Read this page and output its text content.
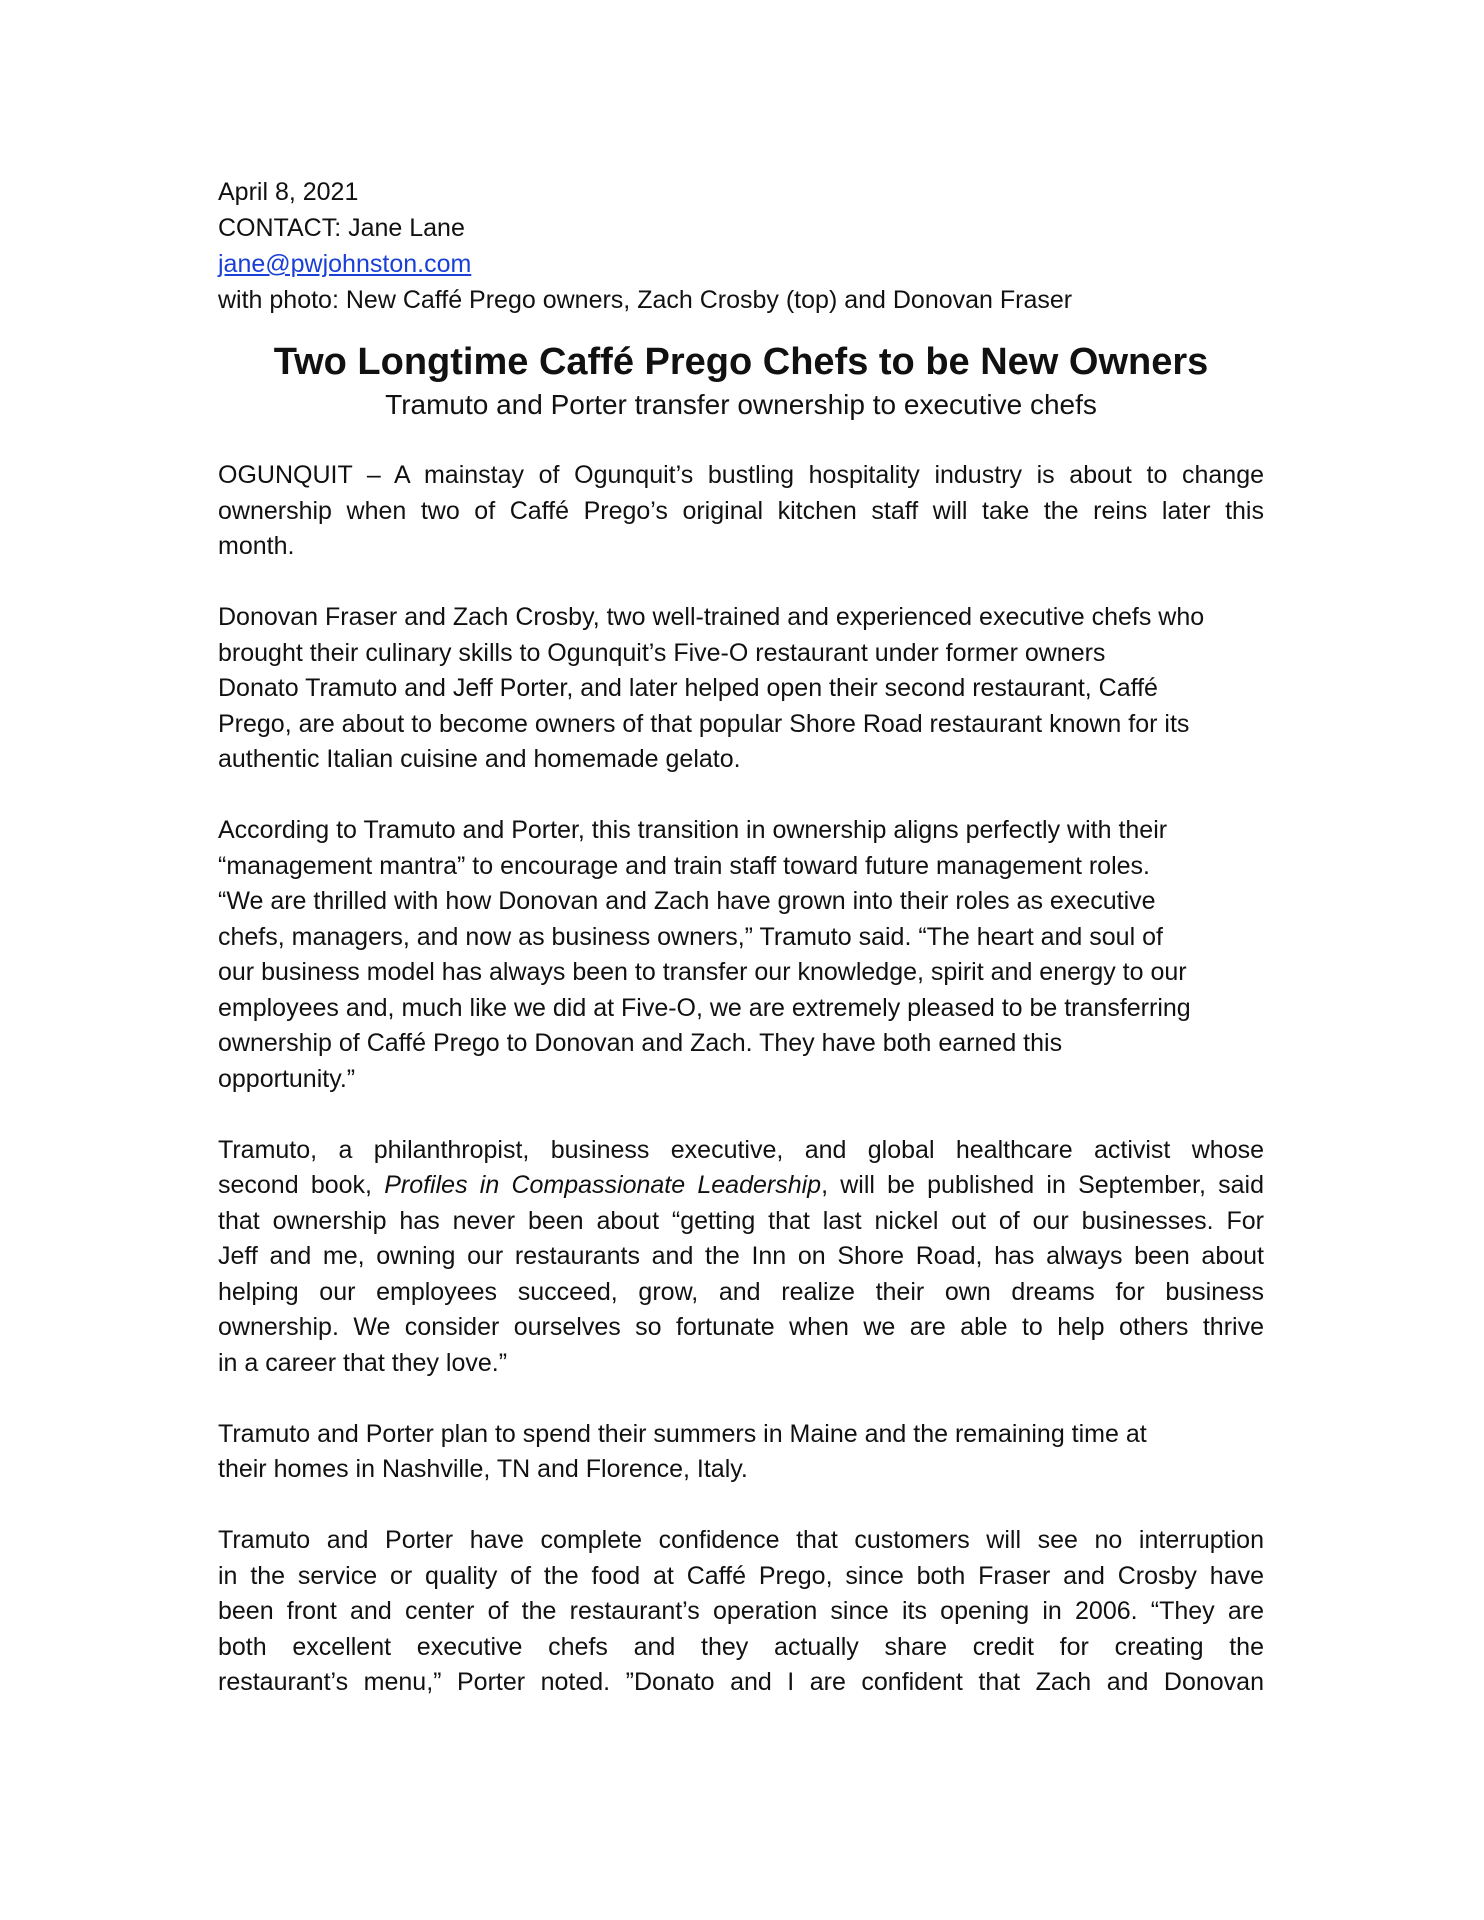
April 8, 2021
CONTACT: Jane Lane
jane@pwjohnston.com
with photo: New Caffé Prego owners, Zach Crosby (top) and Donovan Fraser
Two Longtime Caffé Prego Chefs to be New Owners
Tramuto and Porter transfer ownership to executive chefs

OGUNQUIT – A mainstay of Ogunquit’s bustling hospitality industry is about to change
ownership when two of Caffé Prego’s original kitchen staff will take the reins later this
month.

Donovan Fraser and Zach Crosby, two well-trained and experienced executive chefs who
brought their culinary skills to Ogunquit’s Five-O restaurant under former owners
Donato Tramuto and Jeff Porter, and later helped open their second restaurant, Caffé
Prego, are about to become owners of that popular Shore Road restaurant known for its
authentic Italian cuisine and homemade gelato.

According to Tramuto and Porter, this transition in ownership aligns perfectly with their
“management mantra” to encourage and train staff toward future management roles.
“We are thrilled with how Donovan and Zach have grown into their roles as executive
chefs, managers, and now as business owners,” Tramuto said. “The heart and soul of
our business model has always been to transfer our knowledge, spirit and energy to our
employees and, much like we did at Five-O, we are extremely pleased to be transferring
ownership of Caffé Prego to Donovan and Zach. They have both earned this
opportunity.”

Tramuto, a philanthropist, business executive, and global healthcare activist whose
second book, Profiles in Compassionate Leadership, will be published in September, said
that ownership has never been about “getting that last nickel out of our businesses. For
Jeff and me, owning our restaurants and the Inn on Shore Road, has always been about
helping our employees succeed, grow, and realize their own dreams for business
ownership. We consider ourselves so fortunate when we are able to help others thrive
in a career that they love.”

Tramuto and Porter plan to spend their summers in Maine and the remaining time at
their homes in Nashville, TN and Florence, Italy.

Tramuto and Porter have complete confidence that customers will see no interruption
in the service or quality of the food at Caffé Prego, since both Fraser and Crosby have
been front and center of the restaurant’s operation since its opening in 2006. “They are
both excellent executive chefs and they actually share credit for creating the
restaurant’s menu,” Porter noted. ”Donato and I are confident that Zach and Donovan
